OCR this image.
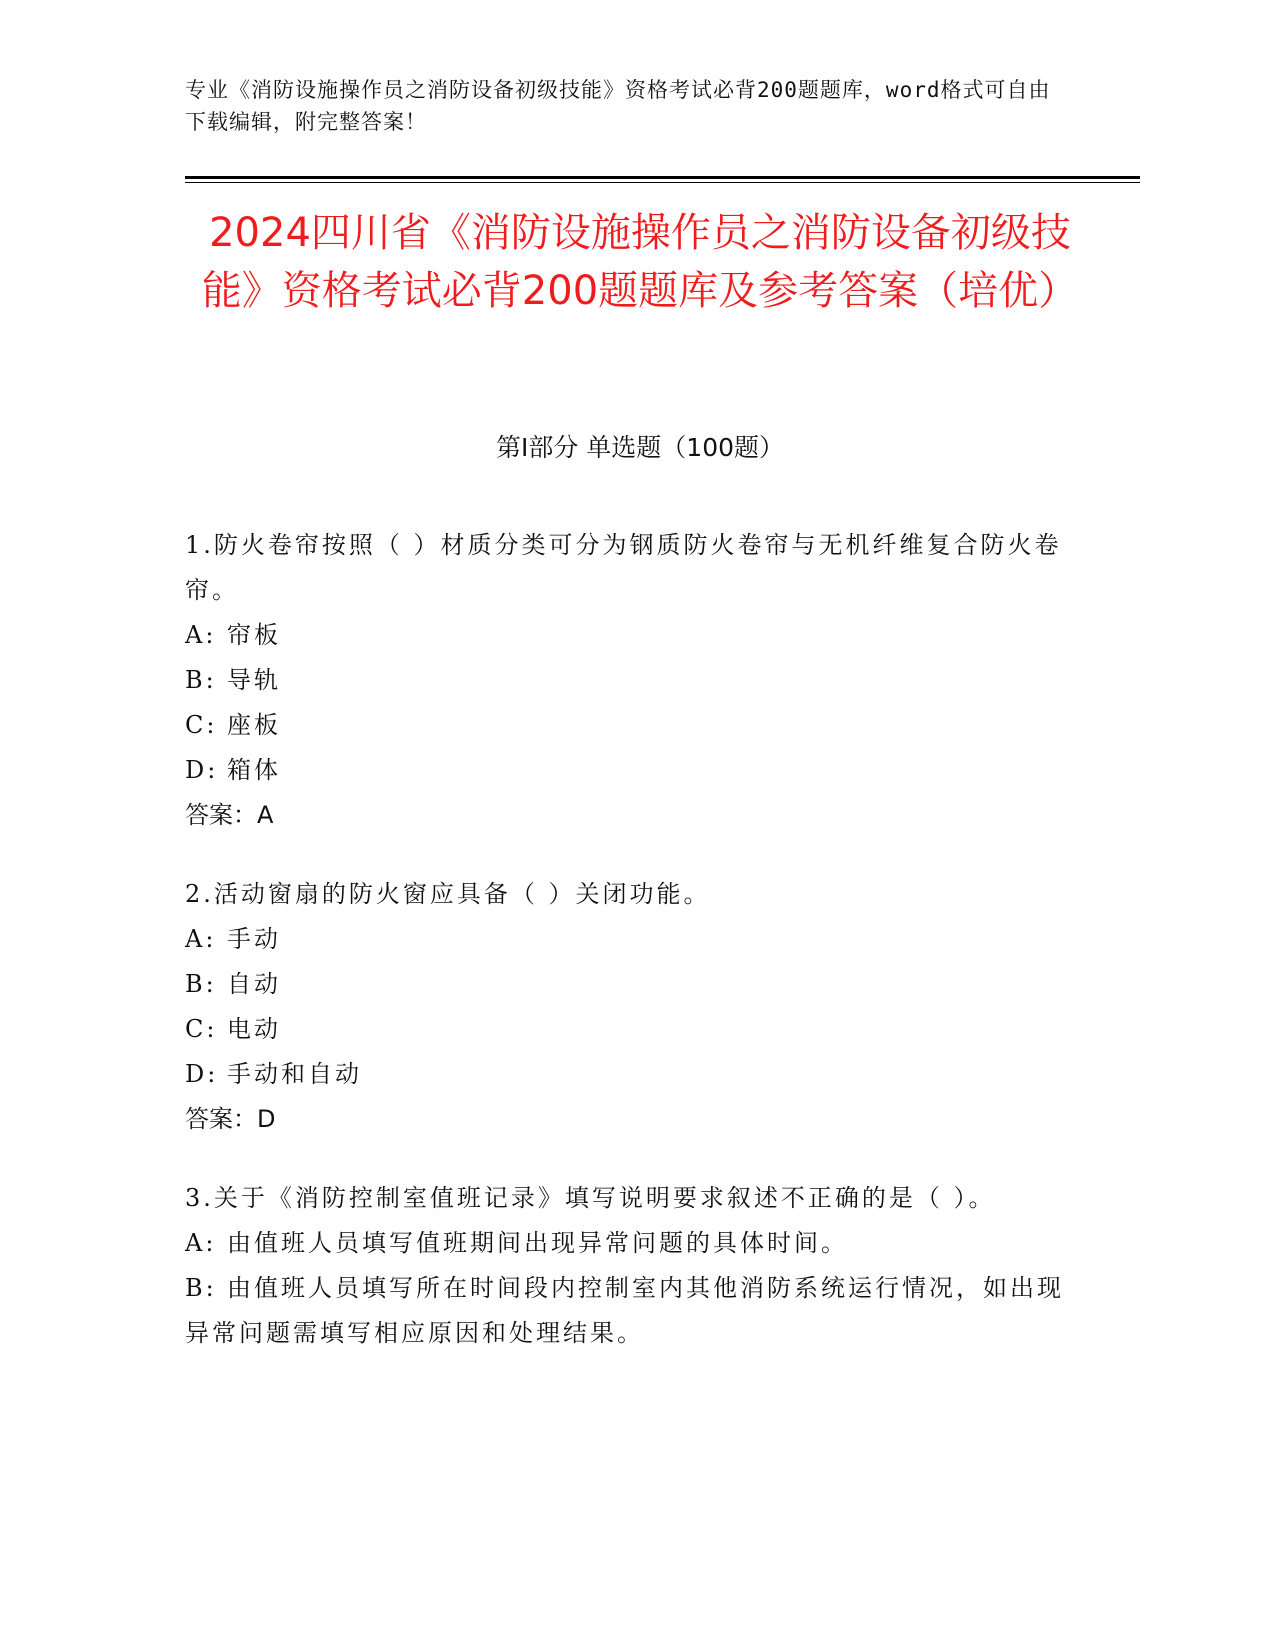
专业《消防设施操作员之消防设备初级技能》资格考试必背200题题库，word格式可自由下载编辑，附完整答案！
2024四川省《消防设施操作员之消防设备初级技能》资格考试必背200题题库及参考答案（培优）
第I部分 单选题（100题）

1.防火卷帘按照（ ）材质分类可分为钢质防火卷帘与无机纤维复合防火卷帘。

A: 帘板

B: 导轨

C: 座板

D: 箱体

答案：A

2.活动窗扇的防火窗应具备（ ）关闭功能。

A: 手动

B: 自动

C: 电动

D: 手动和自动

答案：D

3.关于《消防控制室值班记录》填写说明要求叙述不正确的是（ ）。

A: 由值班人员填写值班期间出现异常问题的具体时间。

B: 由值班人员填写所在时间段内控制室内其他消防系统运行情况，如出现异常问题需填写相应原因和处理结果。
